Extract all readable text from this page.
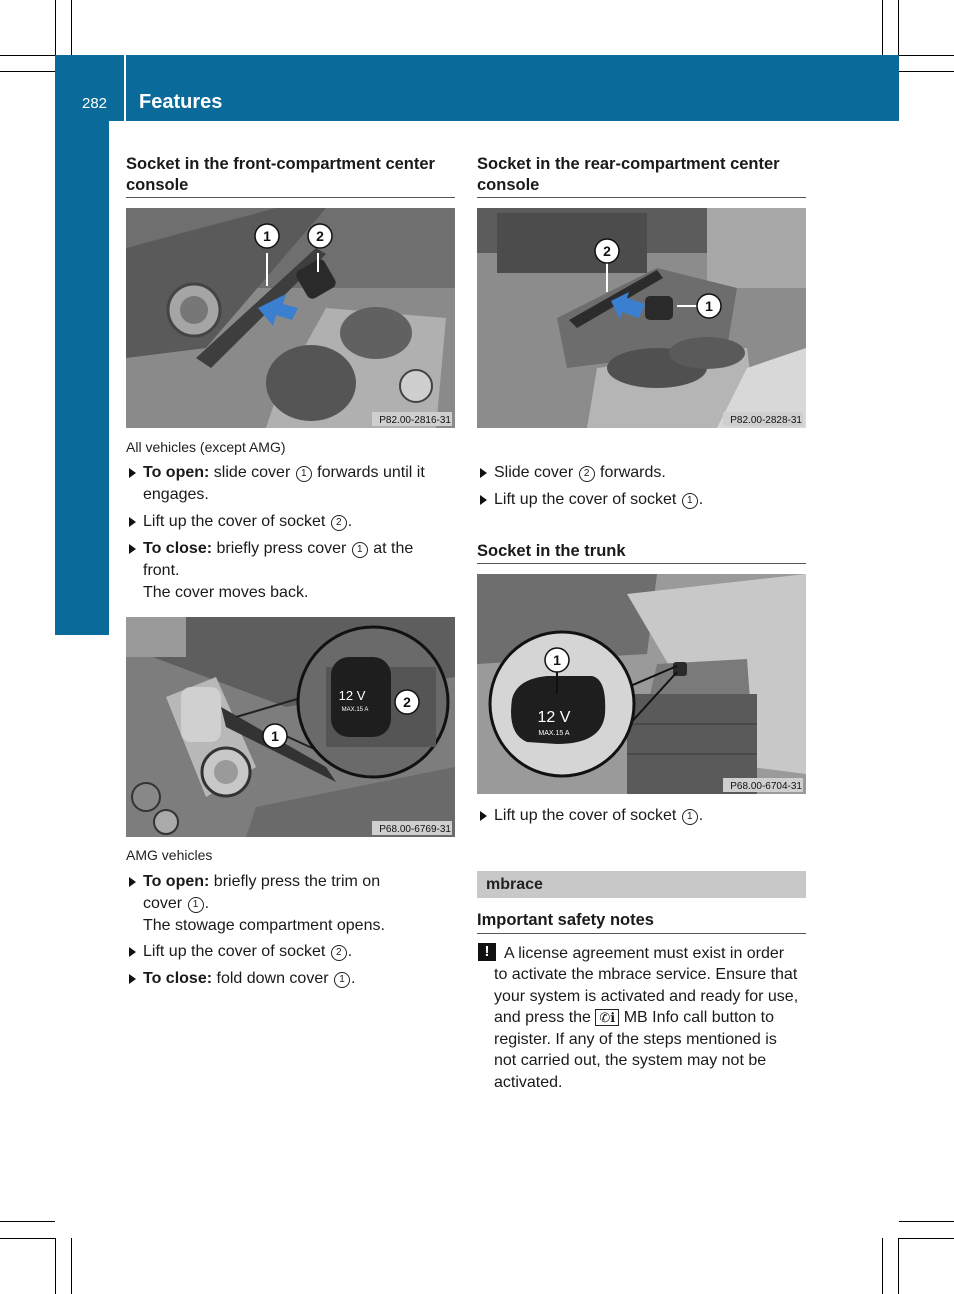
282 Features
Stowage and features
Socket in the front-compartment center
console
1	2
P82.00-2816-31
All vehicles (except AMG)
To open: slide cover 1 forwards until it
engages.
Lift up the cover of socket 2 .
To close: briefly press cover 1 at the
front.
The cover moves back.
12 V
MAX.15 A 2
1
P68.00-6769-31
AMG vehicles
To open: briefly press the trim on
cover 1 .
The stowage compartment opens.
Lift up the cover of socket 2 .
To close: fold down cover 1 .
Socket in the rear-compartment center
console
2
1
P82.00-2828-31
Slide cover 2 forwards.
Lift up the cover of socket 1 .
Socket in the trunk
12 V
MAX.15 A
1
P68.00-6704-31
Lift up the cover of socket 1 .
mbrace
Important safety notes
! A license agreement must exist in order
to activate the mbrace service. Ensure that
your system is activated and ready for use,
and press the ✆ℹ MB Info call button to
register. If any of the steps mentioned is
not carried out, the system may not be
activated.
